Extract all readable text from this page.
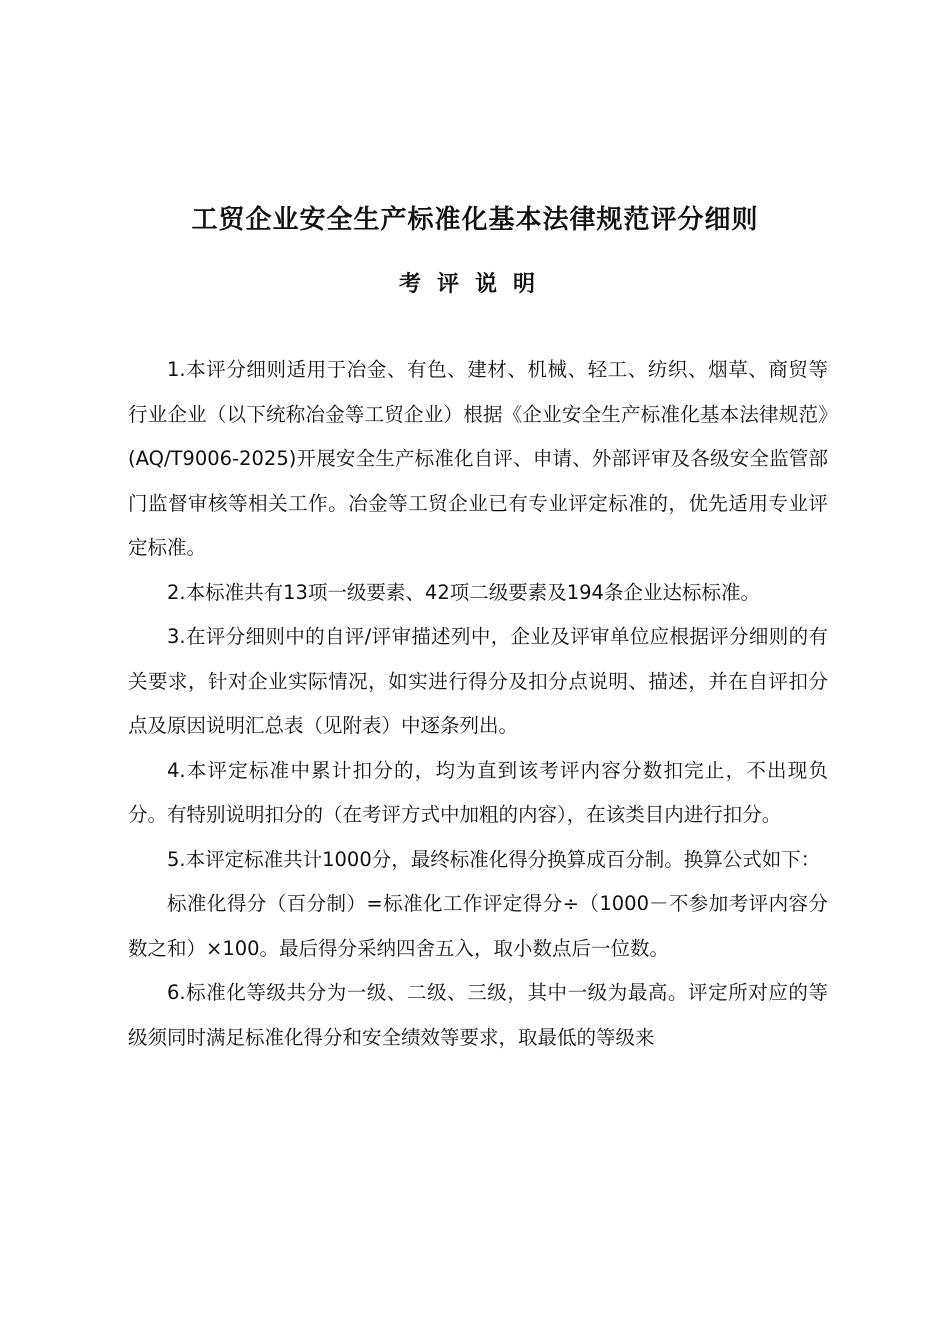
工贸企业安全生产标准化基本法律规范评分细则
考评说明

1.本评分细则适用于冶金、有色、建材、机械、轻工、纺织、烟草、商贸等行业企业（以下统称冶金等工贸企业）根据《企业安全生产标准化基本法律规范》(AQ/T9006-2025)开展安全生产标准化自评、申请、外部评审及各级安全监管部门监督审核等相关工作。冶金等工贸企业已有专业评定标准的，优先适用专业评定标准。

2.本标准共有13项一级要素、42项二级要素及194条企业达标标准。

3.在评分细则中的自评/评审描述列中，企业及评审单位应根据评分细则的有关要求，针对企业实际情况，如实进行得分及扣分点说明、描述，并在自评扣分点及原因说明汇总表（见附表）中逐条列出。

4.本评定标准中累计扣分的，均为直到该考评内容分数扣完止，不出现负分。有特别说明扣分的（在考评方式中加粗的内容），在该类目内进行扣分。

5.本评定标准共计1000分，最终标准化得分换算成百分制。换算公式如下：

标准化得分（百分制）=标准化工作评定得分÷（1000－不参加考评内容分数之和）×100。最后得分采纳四舍五入，取小数点后一位数。

6.标准化等级共分为一级、二级、三级，其中一级为最高。评定所对应的等级须同时满足标准化得分和安全绩效等要求，取最低的等级来
